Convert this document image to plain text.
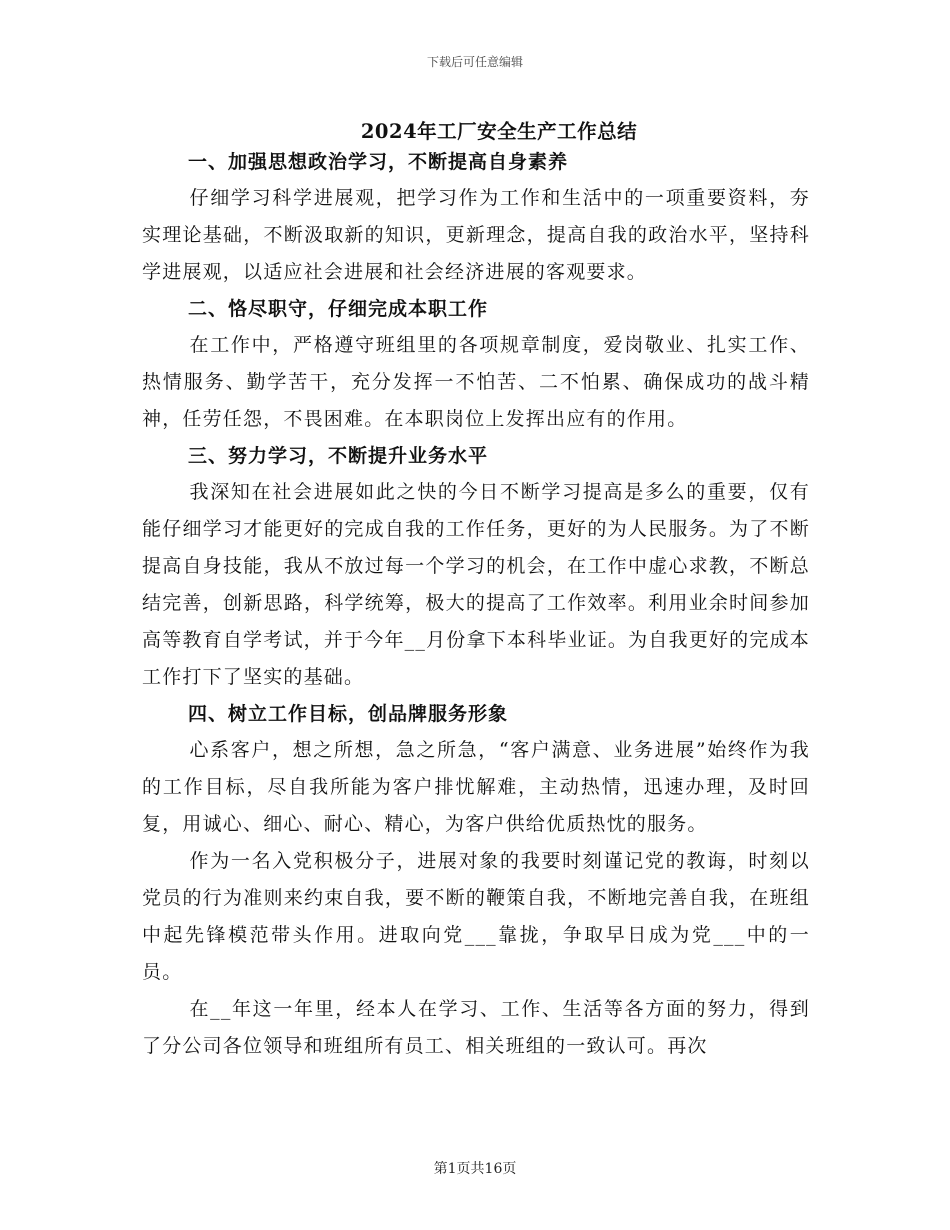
下载后可任意编辑
2024年工厂安全生产工作总结

一、加强思想政治学习，不断提高自身素养

仔细学习科学进展观，把学习作为工作和生活中的一项重要资料，夯实理论基础，不断汲取新的知识，更新理念，提高自我的政治水平，坚持科学进展观，以适应社会进展和社会经济进展的客观要求。

二、恪尽职守，仔细完成本职工作

在工作中，严格遵守班组里的各项规章制度，爱岗敬业、扎实工作、热情服务、勤学苦干，充分发挥一不怕苦、二不怕累、确保成功的战斗精神，任劳任怨，不畏困难。在本职岗位上发挥出应有的作用。

三、努力学习，不断提升业务水平

我深知在社会进展如此之快的今日不断学习提高是多么的重要，仅有能仔细学习才能更好的完成自我的工作任务，更好的为人民服务。为了不断提高自身技能，我从不放过每一个学习的机会，在工作中虚心求教，不断总结完善，创新思路，科学统筹，极大的提高了工作效率。利用业余时间参加高等教育自学考试，并于今年__月份拿下本科毕业证。为自我更好的完成本工作打下了坚实的基础。

四、树立工作目标，创品牌服务形象

心系客户，想之所想，急之所急，“客户满意、业务进展”始终作为我的工作目标，尽自我所能为客户排忧解难，主动热情，迅速办理，及时回复，用诚心、细心、耐心、精心，为客户供给优质热忱的服务。

作为一名入党积极分子，进展对象的我要时刻谨记党的教诲，时刻以党员的行为准则来约束自我，要不断的鞭策自我，不断地完善自我，在班组中起先锋模范带头作用。进取向党___靠拢，争取早日成为党___中的一员。

在__年这一年里，经本人在学习、工作、生活等各方面的努力，得到了分公司各位领导和班组所有员工、相关班组的一致认可。再次

第1页共16页
